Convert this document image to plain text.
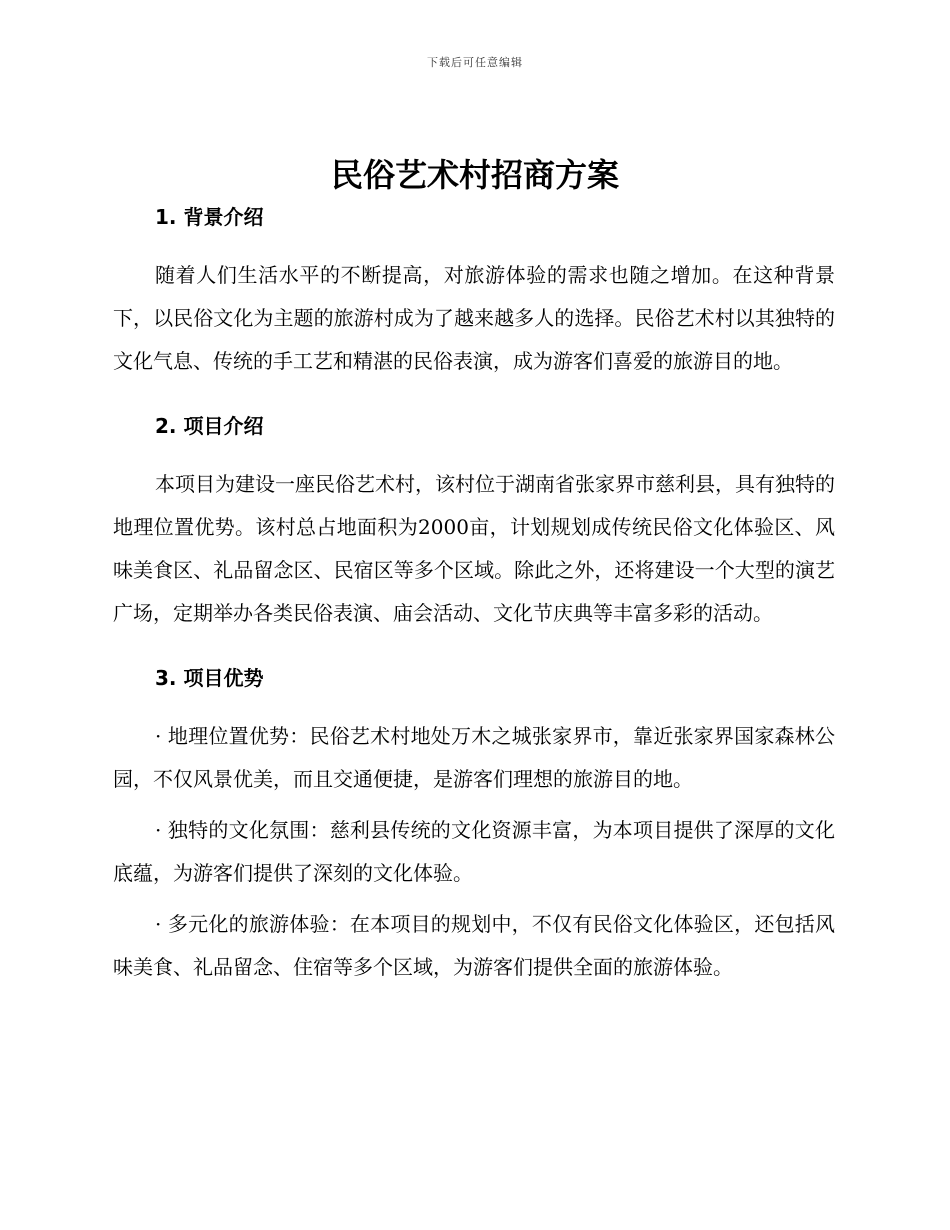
下载后可任意编辑
民俗艺术村招商方案
1. 背景介绍

随着人们生活水平的不断提高，对旅游体验的需求也随之增加。在这种背景下，以民俗文化为主题的旅游村成为了越来越多人的选择。民俗艺术村以其独特的文化气息、传统的手工艺和精湛的民俗表演，成为游客们喜爱的旅游目的地。

2. 项目介绍

本项目为建设一座民俗艺术村，该村位于湖南省张家界市慈利县，具有独特的地理位置优势。该村总占地面积为2000亩，计划规划成传统民俗文化体验区、风味美食区、礼品留念区、民宿区等多个区域。除此之外，还将建设一个大型的演艺广场，定期举办各类民俗表演、庙会活动、文化节庆典等丰富多彩的活动。

3. 项目优势

· 地理位置优势：民俗艺术村地处万木之城张家界市，靠近张家界国家森林公园，不仅风景优美，而且交通便捷，是游客们理想的旅游目的地。

· 独特的文化氛围：慈利县传统的文化资源丰富，为本项目提供了深厚的文化底蕴，为游客们提供了深刻的文化体验。

· 多元化的旅游体验：在本项目的规划中，不仅有民俗文化体验区，还包括风味美食、礼品留念、住宿等多个区域，为游客们提供全面的旅游体验。
